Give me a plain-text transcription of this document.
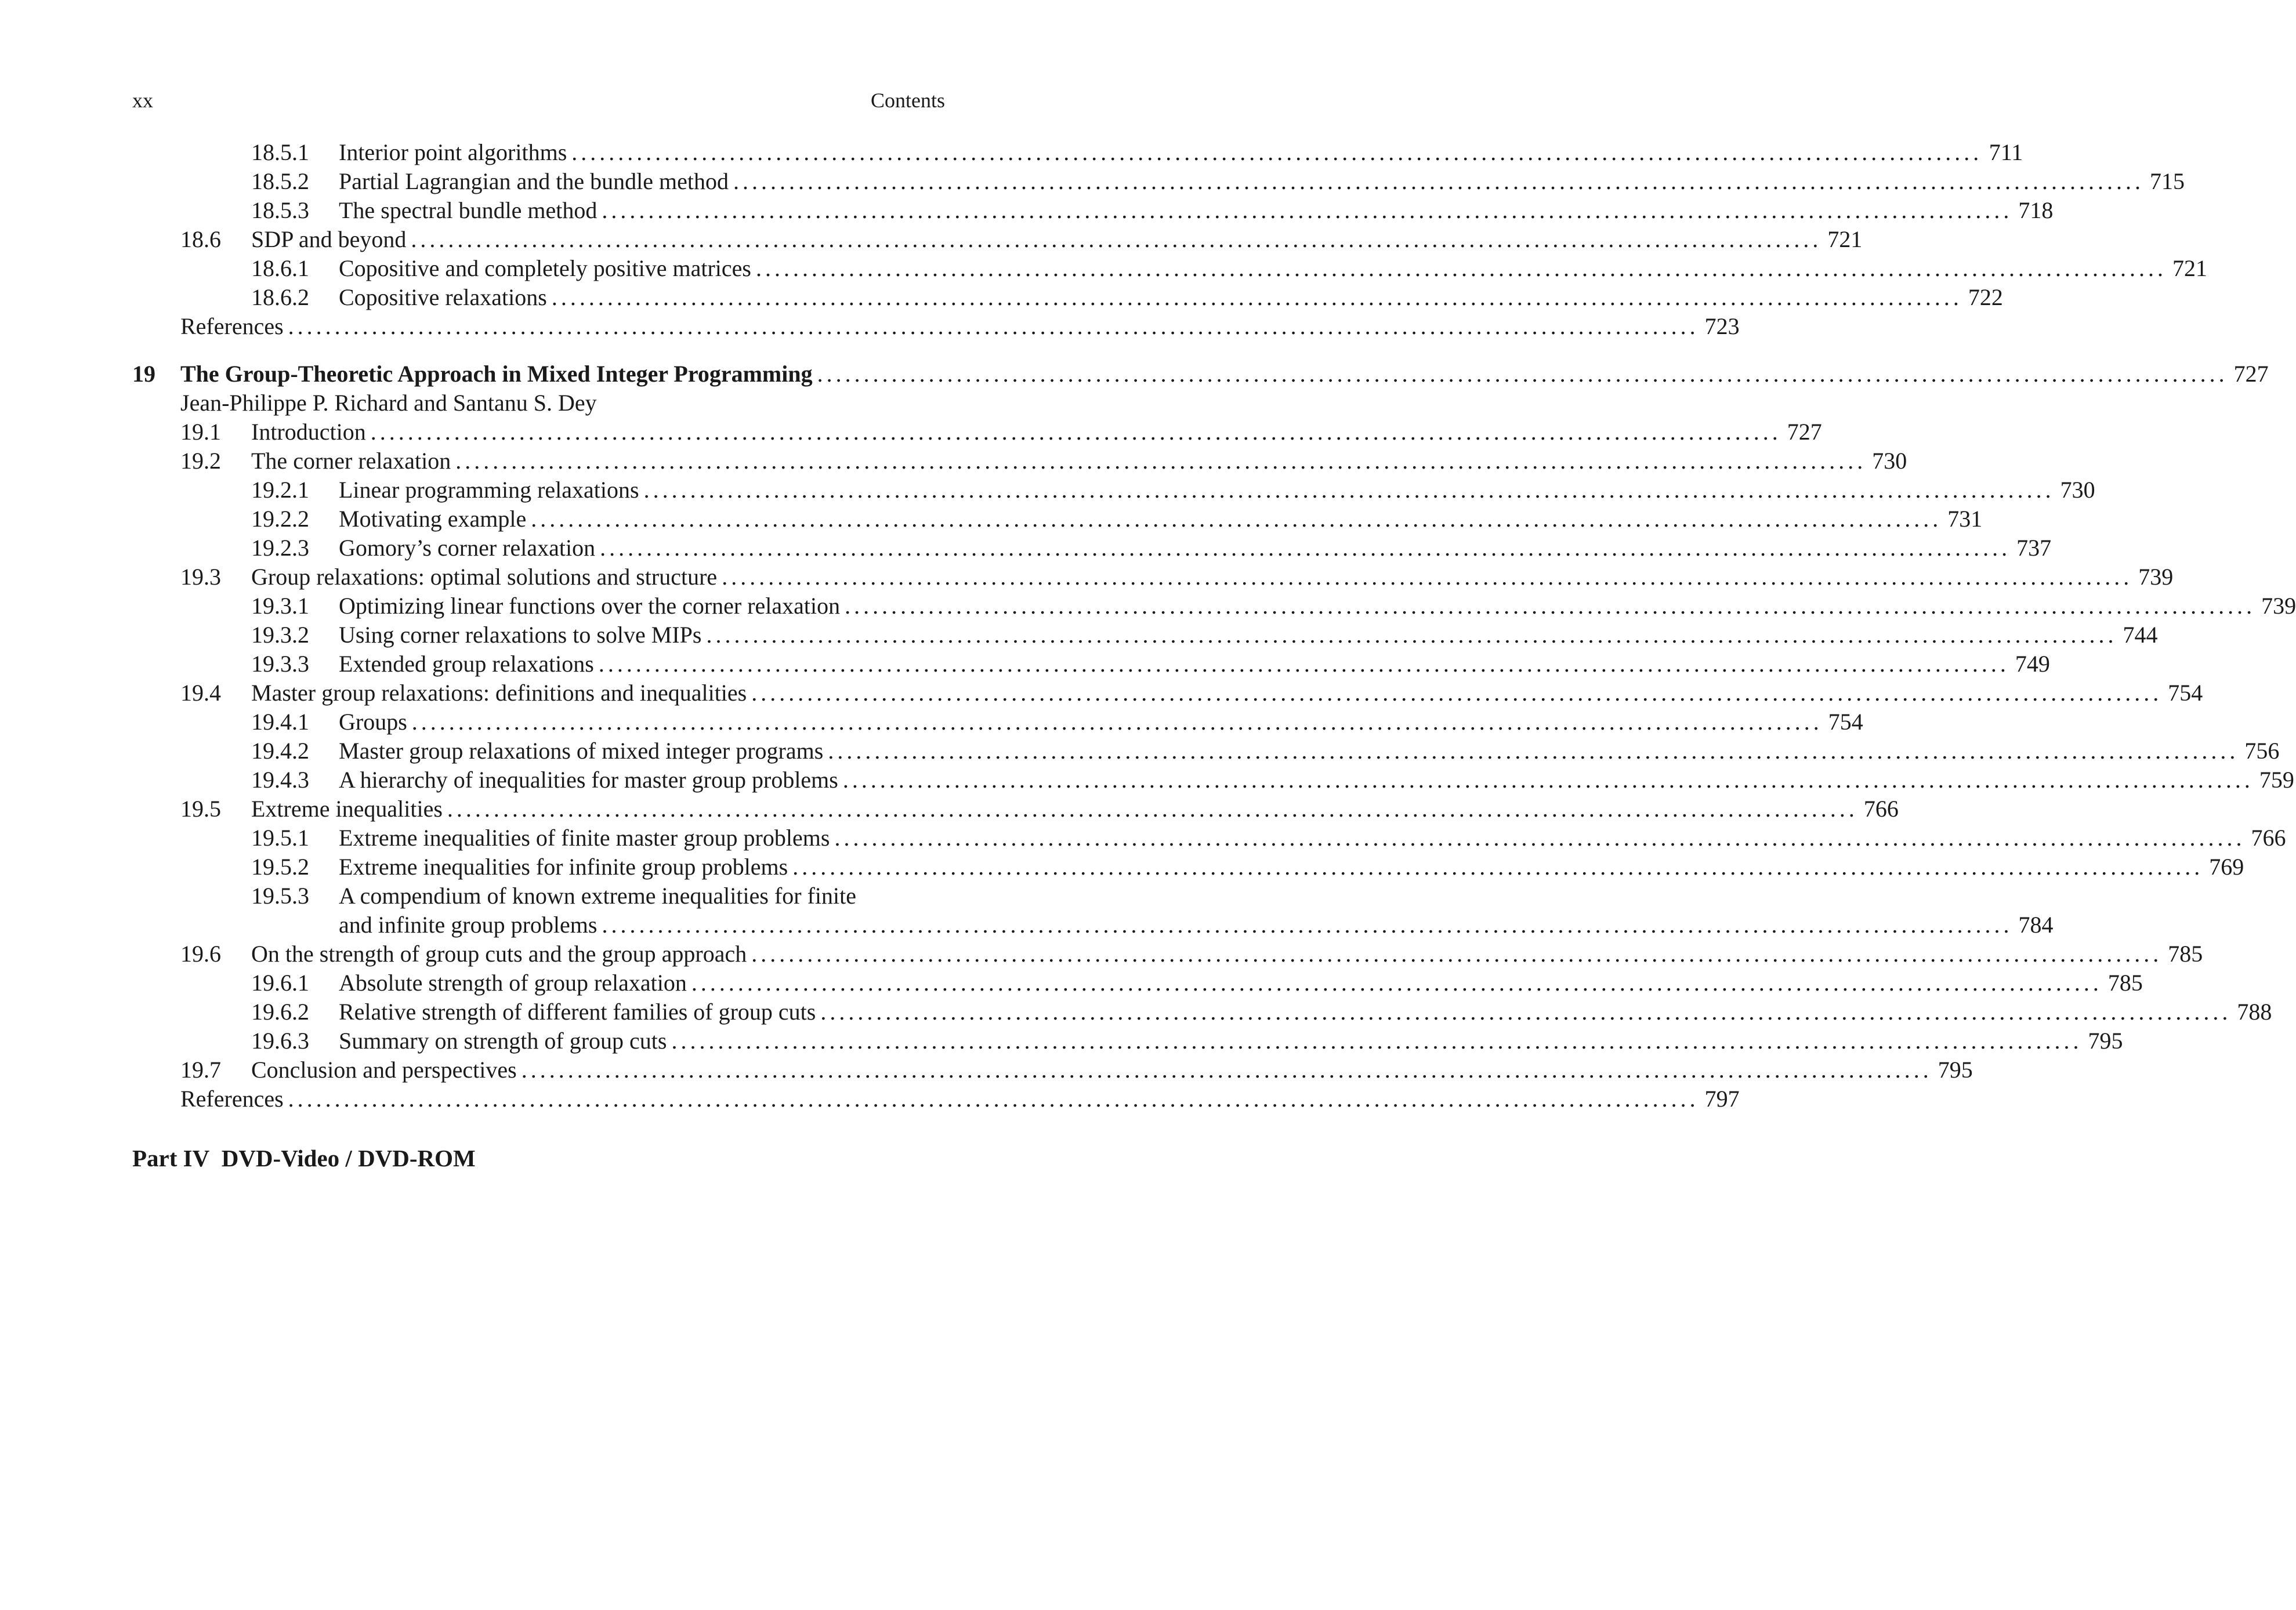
xx	Contents
18.5.1 Interior point algorithms ........................................................................................................................................................ 711
18.5.2 Partial Lagrangian and the bundle method ........................................................................................................................................................ 715
18.5.3 The spectral bundle method ........................................................................................................................................................ 718
18.6 SDP and beyond ........................................................................................................................................................ 721
18.6.1 Copositive and completely positive matrices ........................................................................................................................................................ 721
18.6.2 Copositive relaxations ........................................................................................................................................................ 722
References ........................................................................................................................................................ 723
19 The Group-Theoretic Approach in Mixed Integer Programming ........................................................................................................................................................ 727
Jean-Philippe P. Richard and Santanu S. Dey
19.1 Introduction ........................................................................................................................................................ 727
19.2 The corner relaxation ........................................................................................................................................................ 730
19.2.1 Linear programming relaxations ........................................................................................................................................................ 730
19.2.2 Motivating example ........................................................................................................................................................ 731
19.2.3 Gomory’s corner relaxation ........................................................................................................................................................ 737
19.3 Group relaxations: optimal solutions and structure ........................................................................................................................................................ 739
19.3.1 Optimizing linear functions over the corner relaxation ........................................................................................................................................................ 739
19.3.2 Using corner relaxations to solve MIPs ........................................................................................................................................................ 744
19.3.3 Extended group relaxations ........................................................................................................................................................ 749
19.4 Master group relaxations: definitions and inequalities ........................................................................................................................................................ 754
19.4.1 Groups ........................................................................................................................................................ 754
19.4.2 Master group relaxations of mixed integer programs ........................................................................................................................................................ 756
19.4.3 A hierarchy of inequalities for master group problems ........................................................................................................................................................ 759
19.5 Extreme inequalities ........................................................................................................................................................ 766
19.5.1 Extreme inequalities of finite master group problems ........................................................................................................................................................ 766
19.5.2 Extreme inequalities for infinite group problems ........................................................................................................................................................ 769
19.5.3 A compendium of known extreme inequalities for finite
and infinite group problems ........................................................................................................................................................ 784
19.6 On the strength of group cuts and the group approach ........................................................................................................................................................ 785
19.6.1 Absolute strength of group relaxation ........................................................................................................................................................ 785
19.6.2 Relative strength of different families of group cuts ........................................................................................................................................................ 788
19.6.3 Summary on strength of group cuts ........................................................................................................................................................ 795
19.7 Conclusion and perspectives ........................................................................................................................................................ 795
References ........................................................................................................................................................ 797
Part IV DVD-Video / DVD-ROM
